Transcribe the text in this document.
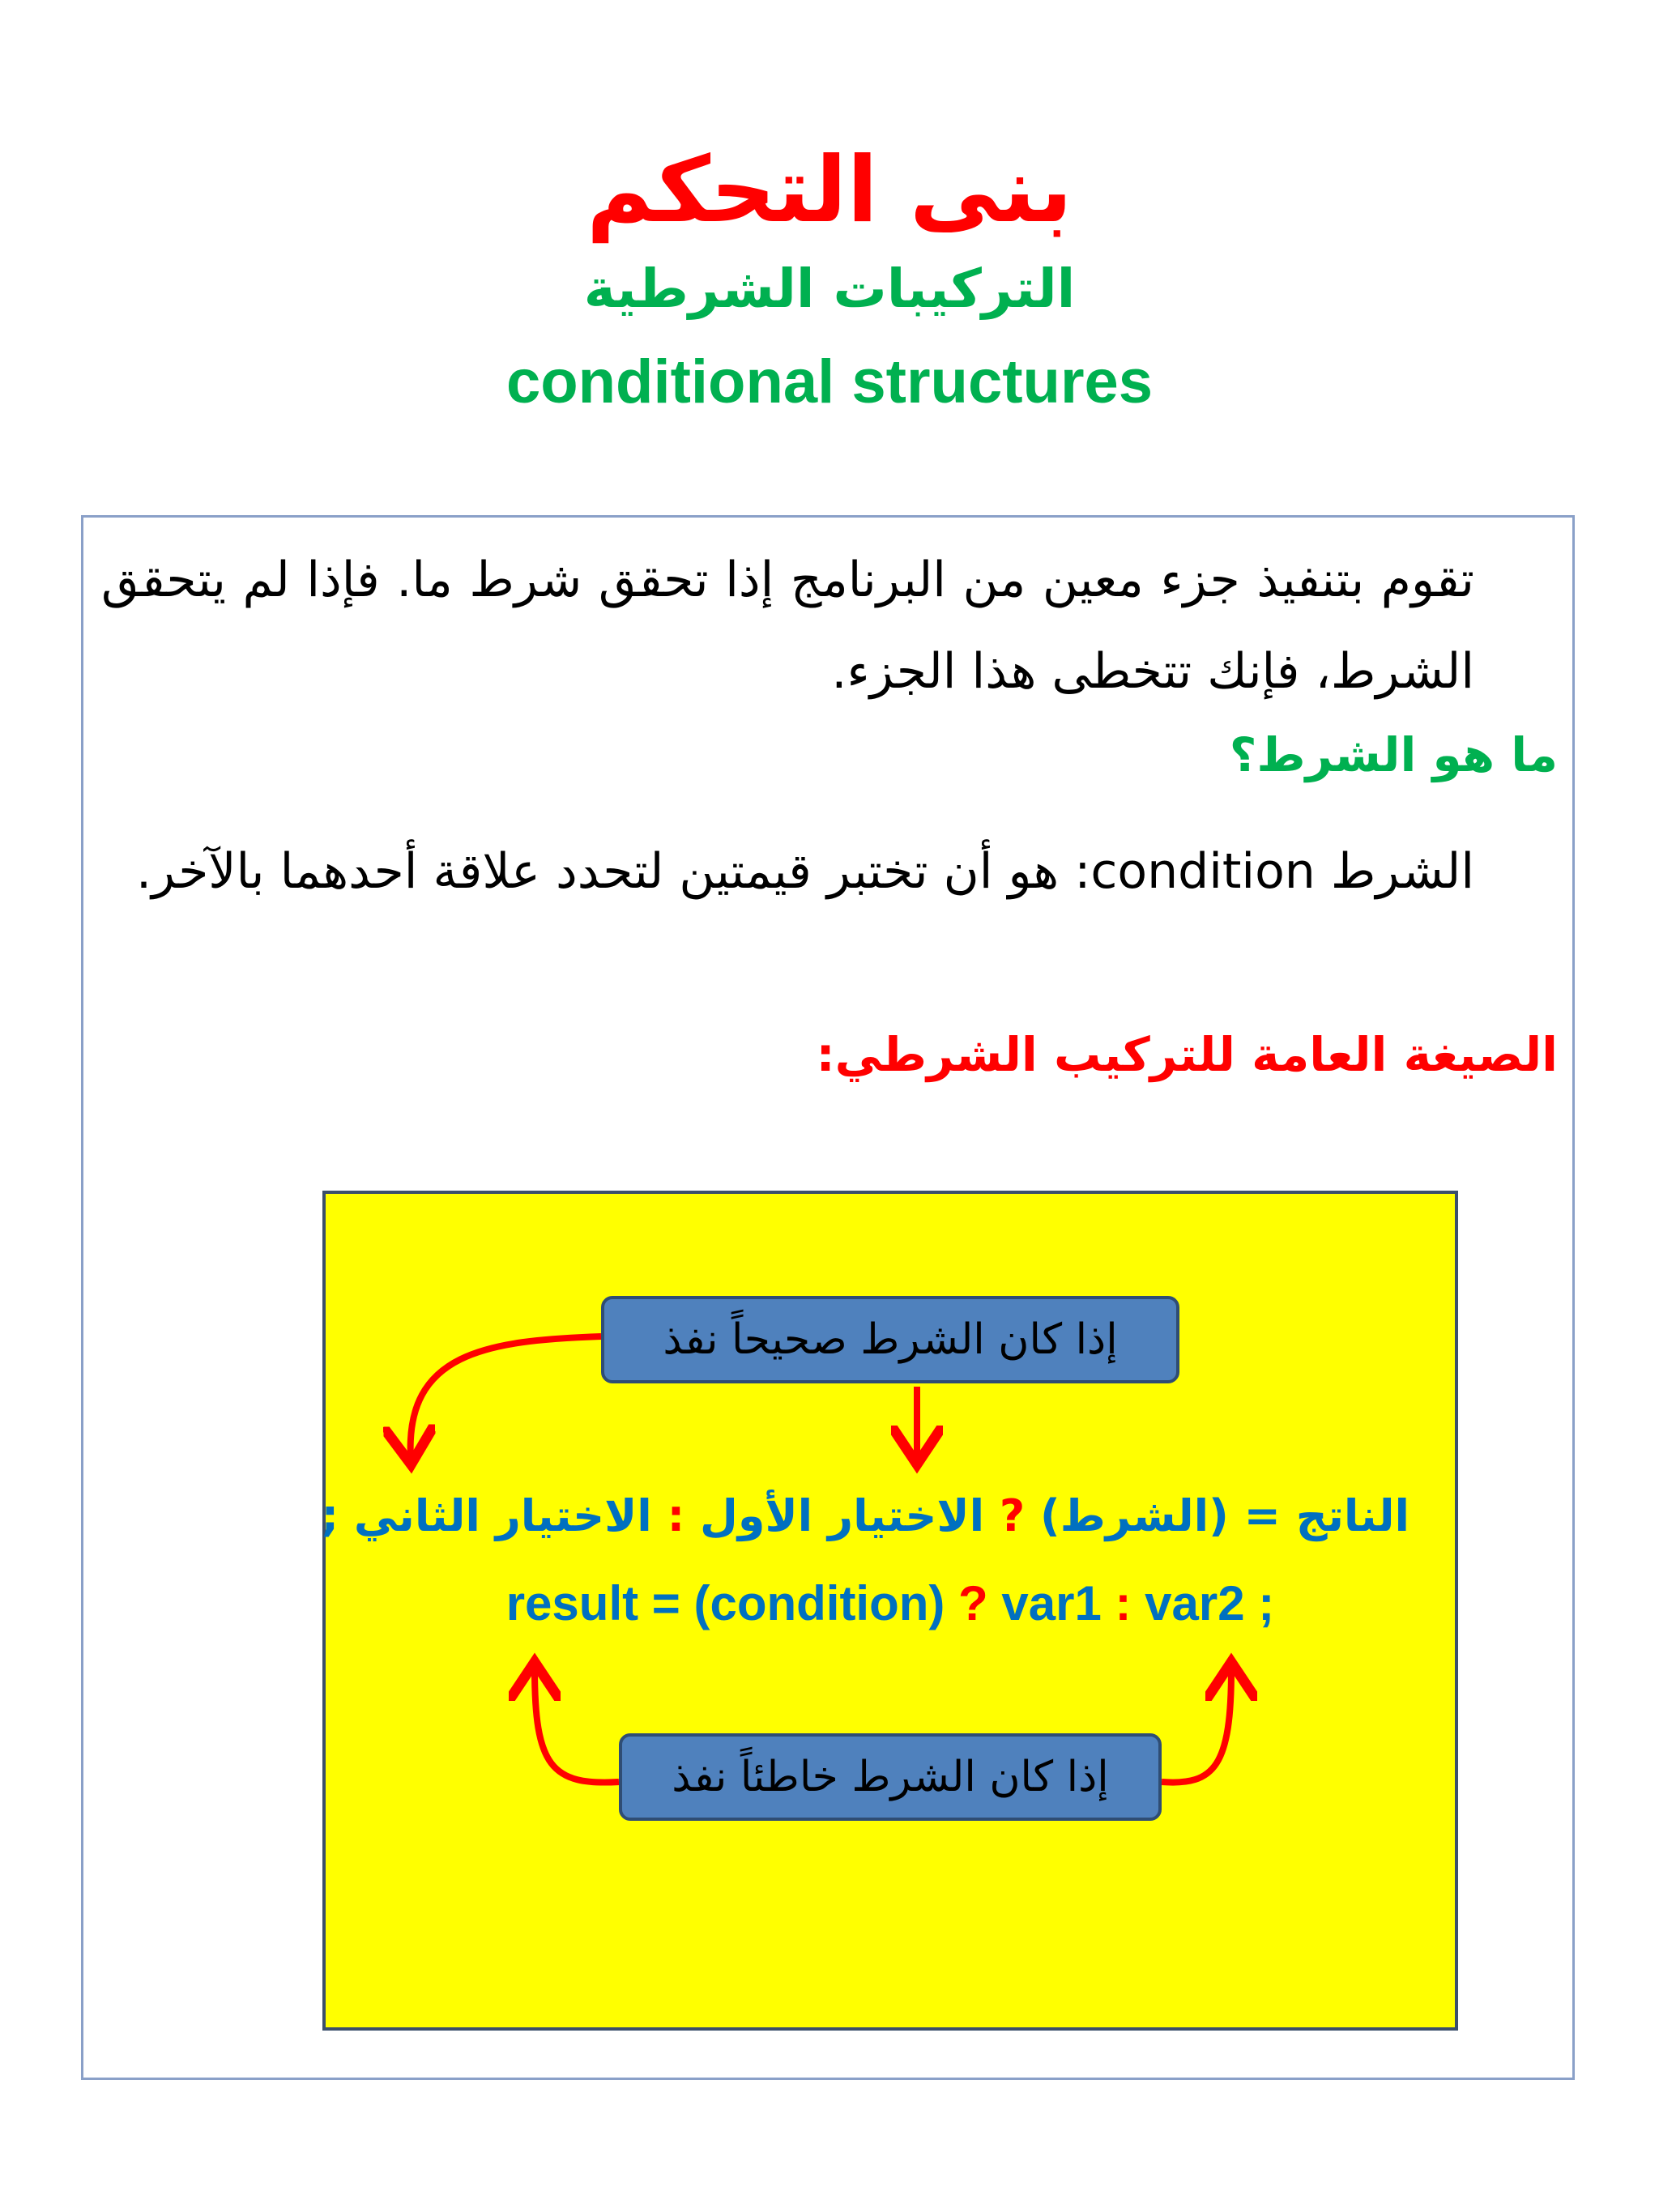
بنى التحكم
التركيبات الشرطية
conditional structures
تقوم بتنفيذ جزء معين من البرنامج إذا تحقق شرط ما. فإذا لم يتحقق الشرط، فإنك تتخطى هذا الجزء.
ما هو الشرط؟
الشرط condition: هو أن تختبر قيمتين لتحدد علاقة أحدهما بالآخر.
الصيغة العامة للتركيب الشرطي:
إذا كان الشرط صحيحاً نفذ
الناتج = (الشرط) ? الاختيار الأول : الاختيار الثاني ;
result = (condition) ? var1 : var2 ;
إذا كان الشرط خاطئاً نفذ
